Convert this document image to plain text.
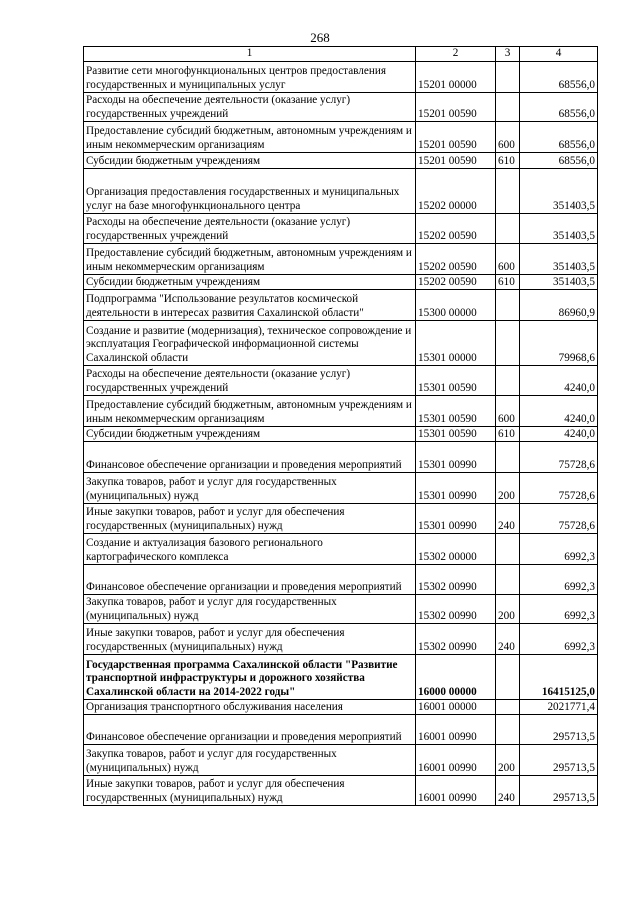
268
1	2	3	4
Развитие сети многофункциональных центров предоставления государственных и муниципальных услуг	15201 00000		68556,0
Расходы на обеспечение деятельности (оказание услуг) государственных учреждений	15201 00590		68556,0
Предоставление субсидий бюджетным, автономным учреждениям и иным некоммерческим организациям	15201 00590	600	68556,0
Субсидии бюджетным учреждениям	15201 00590	610	68556,0
Организация предоставления государственных и муниципальных услуг на базе многофункционального центра	15202 00000		351403,5
Расходы на обеспечение деятельности (оказание услуг) государственных учреждений	15202 00590		351403,5
Предоставление субсидий бюджетным, автономным учреждениям и иным некоммерческим организациям	15202 00590	600	351403,5
Субсидии бюджетным учреждениям	15202 00590	610	351403,5
Подпрограмма "Использование результатов космической деятельности в интересах развития Сахалинской области"	15300 00000		86960,9
Создание и развитие (модернизация), техническое сопровождение и эксплуатация Географической информационной системы Сахалинской области	15301 00000		79968,6
Расходы на обеспечение деятельности (оказание услуг) государственных учреждений	15301 00590		4240,0
Предоставление субсидий бюджетным, автономным учреждениям и иным некоммерческим организациям	15301 00590	600	4240,0
Субсидии бюджетным учреждениям	15301 00590	610	4240,0
Финансовое обеспечение организации и проведения мероприятий	15301 00990		75728,6
Закупка товаров, работ и услуг для государственных (муниципальных) нужд	15301 00990	200	75728,6
Иные закупки товаров, работ и услуг для обеспечения государственных (муниципальных) нужд	15301 00990	240	75728,6
Создание и актуализация базового регионального картографического комплекса	15302 00000		6992,3
Финансовое обеспечение организации и проведения мероприятий	15302 00990		6992,3
Закупка товаров, работ и услуг для государственных (муниципальных) нужд	15302 00990	200	6992,3
Иные закупки товаров, работ и услуг для обеспечения государственных (муниципальных) нужд	15302 00990	240	6992,3
Государственная программа Сахалинской области "Развитие транспортной инфраструктуры и дорожного хозяйства Сахалинской области на 2014-2022 годы"	16000 00000		16415125,0
Организация транспортного обслуживания населения	16001 00000		2021771,4
Финансовое обеспечение организации и проведения мероприятий	16001 00990		295713,5
Закупка товаров, работ и услуг для государственных (муниципальных) нужд	16001 00990	200	295713,5
Иные закупки товаров, работ и услуг для обеспечения государственных (муниципальных) нужд	16001 00990	240	295713,5
